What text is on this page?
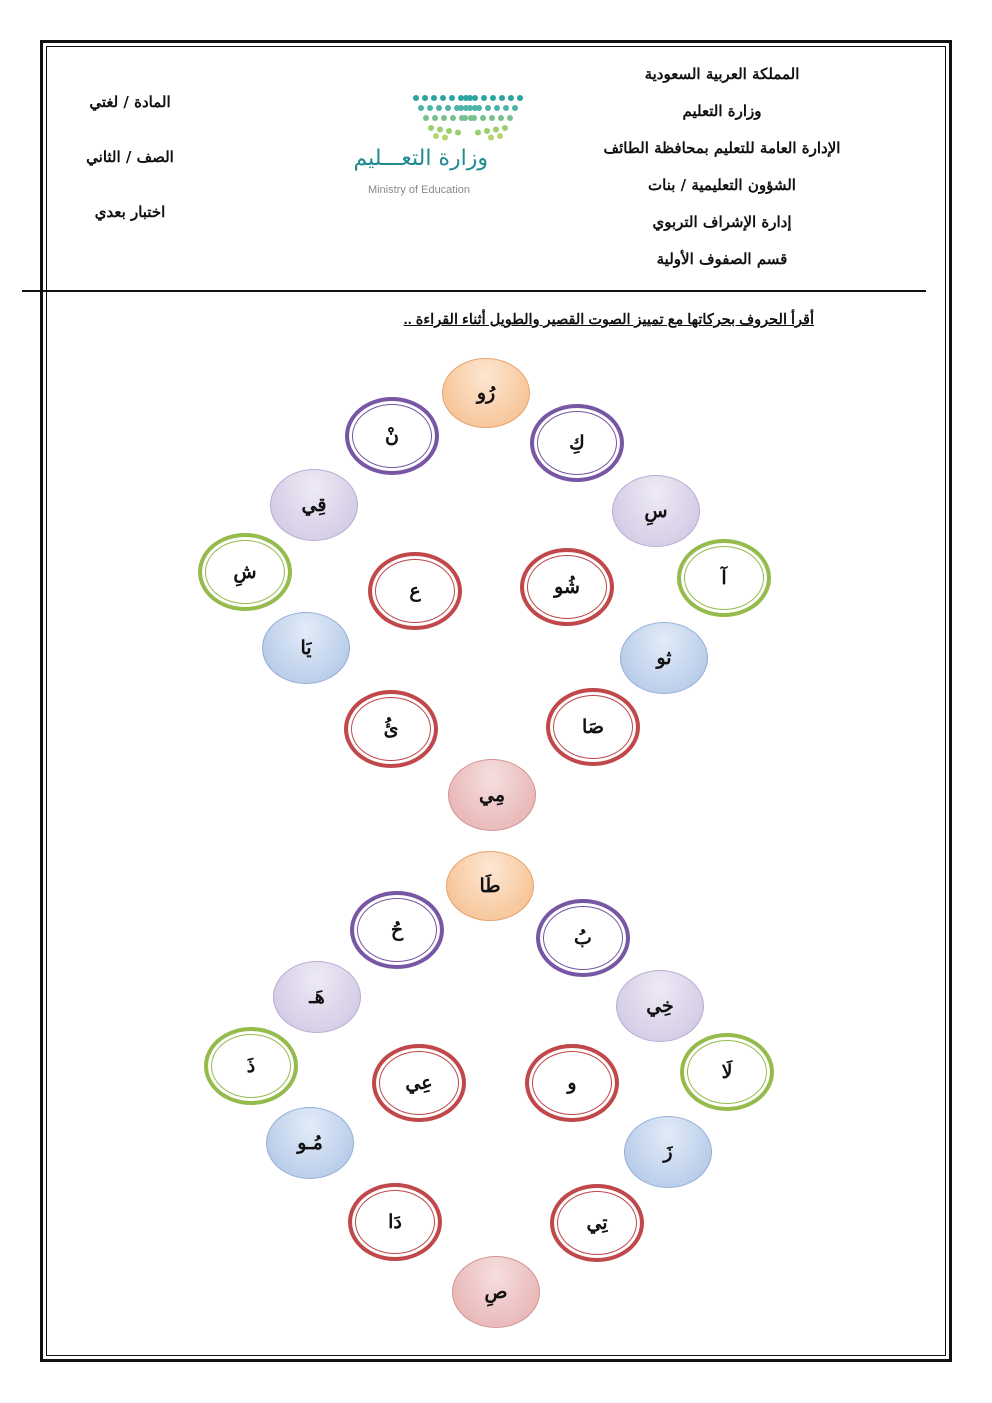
المملكة العربية السعودية
وزارة التعليم
الإدارة العامة للتعليم بمحافظة الطائف
الشؤون التعليمية / بنات
إدارة الإشراف التربوي
قسم الصفوف الأولية
المادة / لغتي
الصف / الثاني
اختبار بعدي
وزارة التعـــليم
Ministry of Education
أقرأ الحروف بحركاتها مع تمييز الصوت القصير والطويل أثناء القراءة ..
رُو
نْ	كِ
قِي	سِ
شِ
ع	شُو	آ
يَا	ثو
ئُ	صَا
مِي
طَا
حُ	بُ
هَـ	خِي
ذَ
عِي	و	لَا
مُـو	زَ
دَا	تِي
صِ
